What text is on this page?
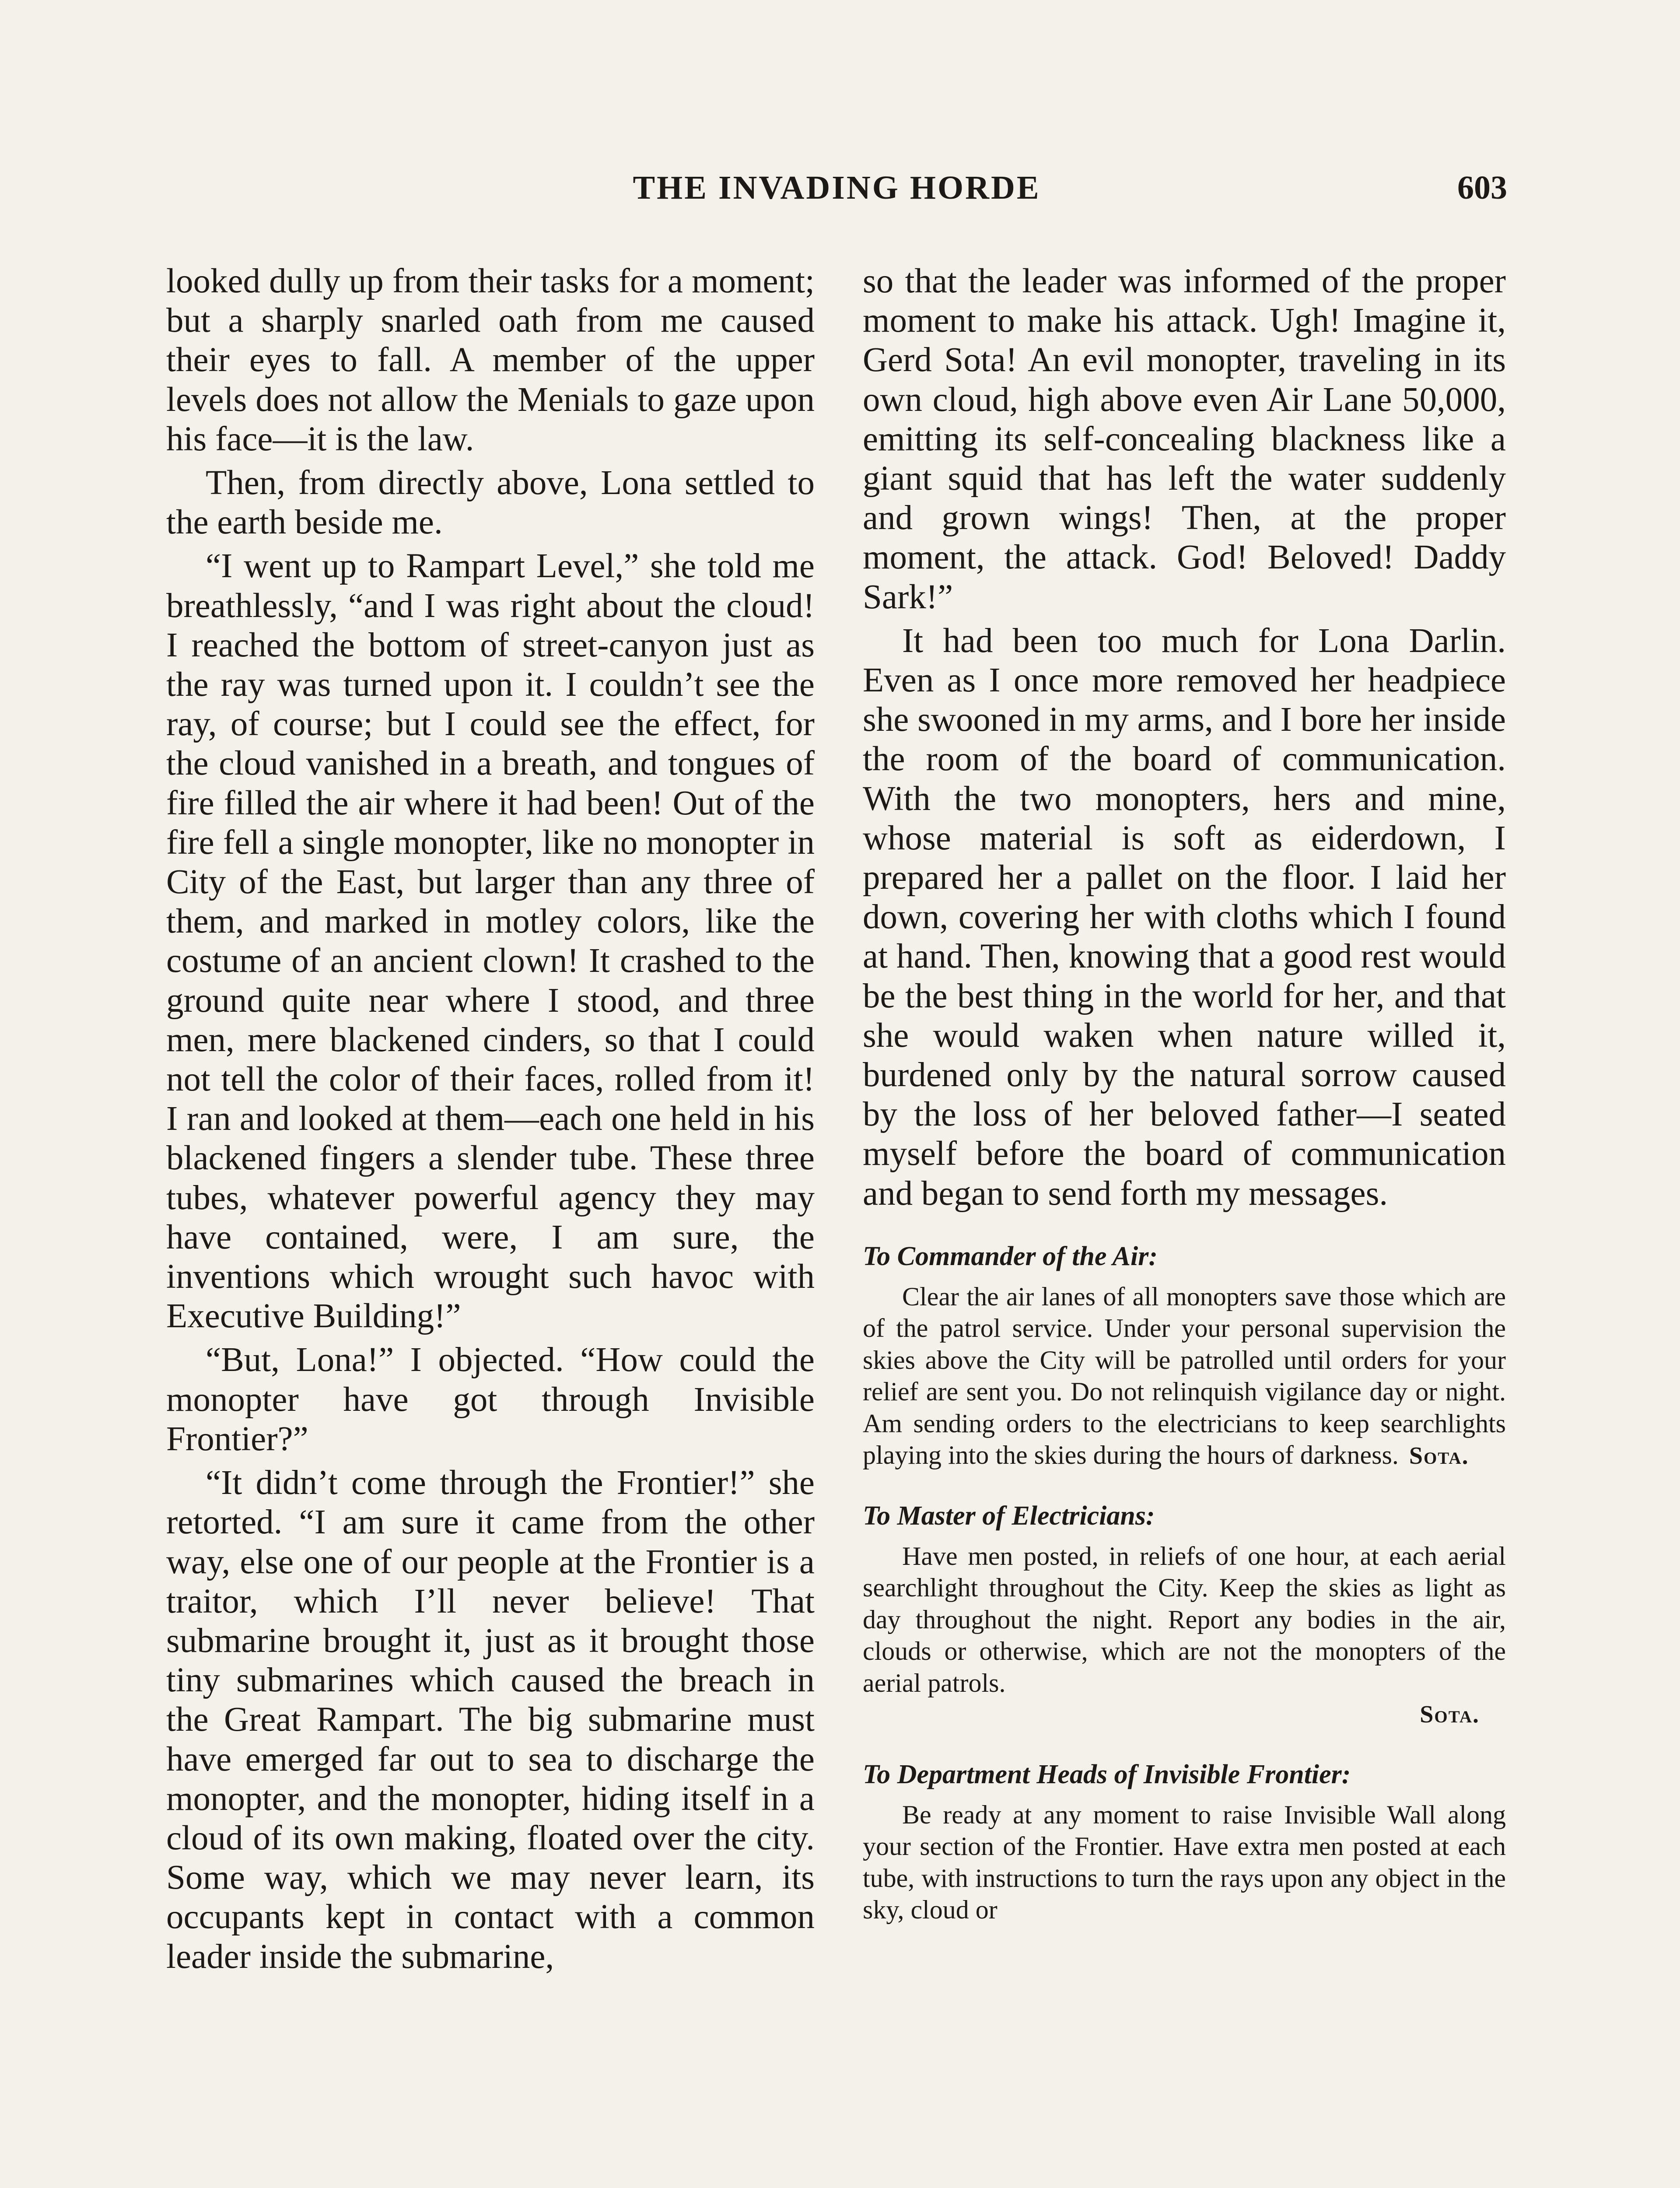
THE INVADING HORDE	603

looked dully up from their tasks for a moment; but a sharply snarled oath from me caused their eyes to fall. A member of the upper levels does not allow the Menials to gaze upon his face—it is the law.

Then, from directly above, Lona settled to the earth beside me.

“I went up to Rampart Level,” she told me breathlessly, “and I was right about the cloud! I reached the bottom of street-canyon just as the ray was turned upon it. I couldn’t see the ray, of course; but I could see the effect, for the cloud vanished in a breath, and tongues of fire filled the air where it had been! Out of the fire fell a single monopter, like no monopter in City of the East, but larger than any three of them, and marked in motley colors, like the costume of an ancient clown! It crashed to the ground quite near where I stood, and three men, mere blackened cinders, so that I could not tell the color of their faces, rolled from it! I ran and looked at them—each one held in his blackened fingers a slender tube. These three tubes, whatever powerful agency they may have contained, were, I am sure, the inventions which wrought such havoc with Executive Building!”

“But, Lona!” I objected. “How could the monopter have got through Invisible Frontier?”

“It didn’t come through the Frontier!” she retorted. “I am sure it came from the other way, else one of our people at the Frontier is a traitor, which I’ll never believe! That submarine brought it, just as it brought those tiny submarines which caused the breach in the Great Rampart. The big submarine must have emerged far out to sea to discharge the monopter, and the monopter, hiding itself in a cloud of its own making, floated over the city. Some way, which we may never learn, its occupants kept in contact with a common leader inside the submarine,

so that the leader was informed of the proper moment to make his attack. Ugh! Imagine it, Gerd Sota! An evil monopter, traveling in its own cloud, high above even Air Lane 50,000, emitting its self-concealing blackness like a giant squid that has left the water suddenly and grown wings! Then, at the proper moment, the attack. God! Beloved! Daddy Sark!”

It had been too much for Lona Darlin. Even as I once more removed her headpiece she swooned in my arms, and I bore her inside the room of the board of communication. With the two monopters, hers and mine, whose material is soft as eiderdown, I prepared her a pallet on the floor. I laid her down, covering her with cloths which I found at hand. Then, knowing that a good rest would be the best thing in the world for her, and that she would waken when nature willed it, burdened only by the natural sorrow caused by the loss of her beloved father—I seated myself before the board of communication and began to send forth my messages.

To Commander of the Air:

Clear the air lanes of all monopters save those which are of the patrol service. Under your personal supervision the skies above the City will be patrolled until orders for your relief are sent you. Do not relinquish vigilance day or night. Am sending orders to the electricians to keep searchlights playing into the skies during the hours of darkness. Sota.

To Master of Electricians:

Have men posted, in reliefs of one hour, at each aerial searchlight throughout the City. Keep the skies as light as day throughout the night. Report any bodies in the air, clouds or otherwise, which are not the monopters of the aerial patrols.
Sota.

To Department Heads of Invisible Frontier:

Be ready at any moment to raise Invisible Wall along your section of the Frontier. Have extra men posted at each tube, with instructions to turn the rays upon any object in the sky, cloud or
